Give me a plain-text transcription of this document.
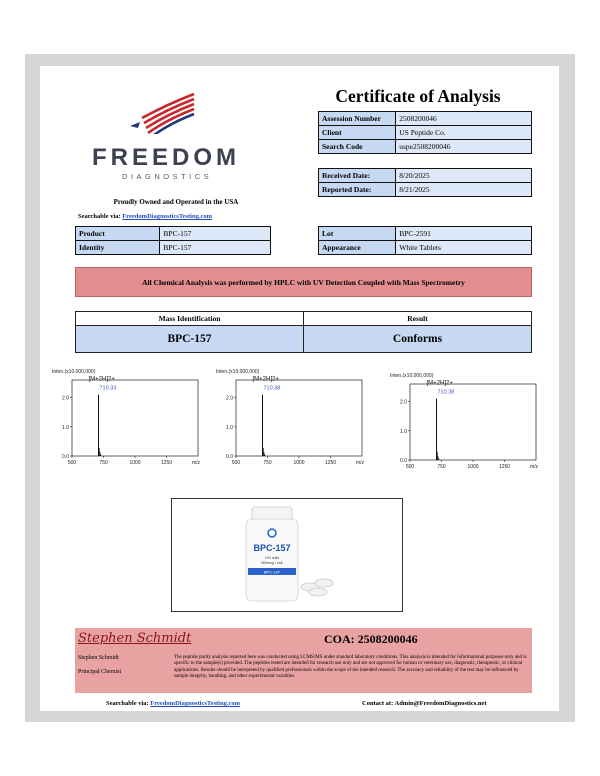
FREEDOM
DIAGNOSTICS
Proudly Owned and Operated in the USA
Searchable via: FreedomDiagnosticsTesting.com
Certificate of Analysis
Assession Number	2508200046
Client	US Peptide Co.
Search Code	uspe2508200046
Received Date:	8/20/2025
Reported Date:	8/21/2025
Product	BPC-157
Identity	BPC-157
Lot	BPC-2591
Appearance	White Tablets
All Chemical Analysis was performed by HPLC with UV Detection Coupled with Mass Spectrometry
Mass Identification	Result
BPC-157	Conforms
Inten.(x10,000,000)
0.0
1.0
2.0
500	750	1000	1250	m/z
[M+2H]2+
710.33
Inten.(x10,000,000)
0.0
1.0
2.0
500	750	1000	1250	m/z
[M+2H]2+
710.38
Inten.(x10,000,000)
0.0
1.0
2.0
500	750	1000	1250	m/z
[M+2H]2+
710.38
BPC-157
100 units
500mcg / unit
BPC-157
Stephen Schmidt	COA: 2508200046
Stephen Schmidt
Principal Chemist
The peptide purity analysis reported here was conducted using LCMS/MS under standard laboratory conditions. This analysis is intended for informational purposes only and is specific to the sample(s) provided. The peptides tested are intended for research use only and are not approved for human or veterinary use, diagnostic, therapeutic, or clinical applications. Results should be interpreted by qualified professionals within the scope of the intended research. The accuracy and reliability of the test may be influenced by sample integrity, handling, and other experimental variables.
Searchable via: FreedomDiagnosticsTesting.com	Contact at: Admin@FreedomDiagnostics.net
